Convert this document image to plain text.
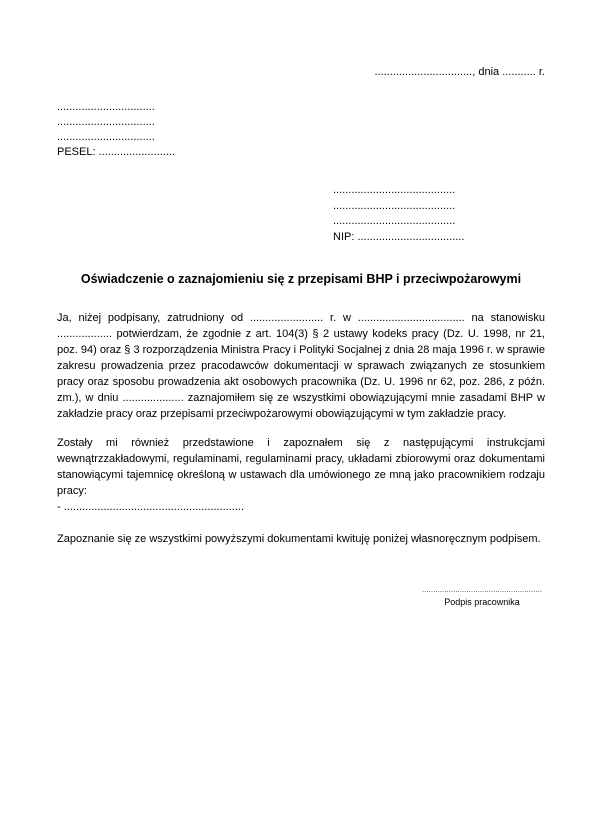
................................, dnia ........... r.
................................
................................
................................
PESEL: .........................
........................................
........................................
........................................
NIP: ...................................
Oświadczenie o zaznajomieniu się z przepisami BHP i przeciwpożarowymi

Ja, niżej podpisany, zatrudniony od ........................ r. w ................................... na stanowisku .................. potwierdzam, że zgodnie z art. 104(3) § 2 ustawy kodeks pracy (Dz. U. 1998, nr 21, poz. 94) oraz § 3 rozporządzenia Ministra Pracy i Polityki Socjalnej z dnia 28 maja 1996 r. w sprawie zakresu prowadzenia przez pracodawców dokumentacji w sprawach związanych ze stosunkiem pracy oraz sposobu prowadzenia akt osobowych pracownika (Dz. U. 1996 nr 62, poz. 286, z późn. zm.), w dniu .................... zaznajomiłem się ze wszystkimi obowiązującymi mnie zasadami BHP w zakładzie pracy oraz przepisami przeciwpożarowymi obowiązującymi w tym zakładzie pracy.

Zostały mi również przedstawione i zapoznałem się z następującymi instrukcjami wewnątrzzakładowymi, regulaminami, regulaminami pracy, układami zbiorowymi oraz dokumentami stanowiącymi tajemnicę określoną w ustawach dla umówionego ze mną jako pracownikiem rodzaju pracy:

- ...........................................................

Zapoznanie się ze wszystkimi powyższymi dokumentami kwituję poniżej własnoręcznym podpisem.

......................................................
Podpis pracownika
